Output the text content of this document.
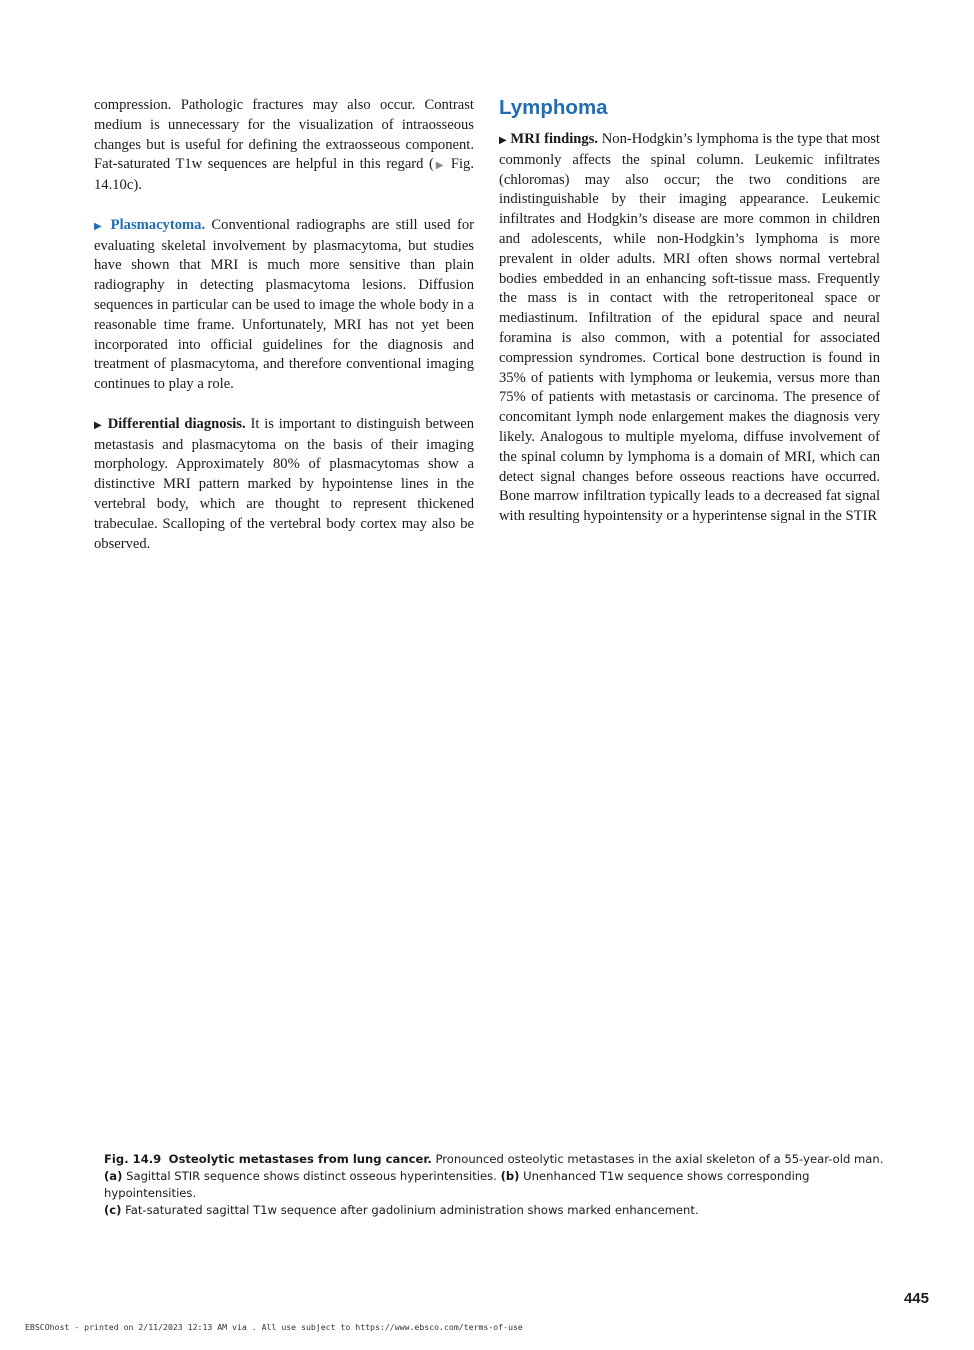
compression. Pathologic fractures may also occur. Contrast medium is unnecessary for the visualization of intraosseous changes but is useful for defining the extraosseous component. Fat-saturated T1w sequences are helpful in this regard (▶ Fig. 14.10c).

▶ Plasmacytoma. Conventional radiographs are still used for evaluating skeletal involvement by plasmacytoma, but studies have shown that MRI is much more sensitive than plain radiography in detecting plasmacytoma lesions. Diffusion sequences in particular can be used to image the whole body in a reasonable time frame. Unfortunately, MRI has not yet been incorporated into official guidelines for the diagnosis and treatment of plasmacytoma, and therefore conventional imaging continues to play a role.

▶ Differential diagnosis. It is important to distinguish between metastasis and plasmacytoma on the basis of their imaging morphology. Approximately 80% of plasmacytomas show a distinctive MRI pattern marked by hypointense lines in the vertebral body, which are thought to represent thickened trabeculae. Scalloping of the vertebral body cortex may also be observed.

Lymphoma

▶ MRI findings. Non-Hodgkin’s lymphoma is the type that most commonly affects the spinal column. Leukemic infiltrates (chloromas) may also occur; the two conditions are indistinguishable by their imaging appearance. Leukemic infiltrates and Hodgkin’s disease are more common in children and adolescents, while non-Hodgkin’s lymphoma is more prevalent in older adults. MRI often shows normal vertebral bodies embedded in an enhancing soft-tissue mass. Frequently the mass is in contact with the retroperitoneal space or mediastinum. Infiltration of the epidural space and neural foramina is also common, with a potential for associated compression syndromes. Cortical bone destruction is found in 35% of patients with lymphoma or leukemia, versus more than 75% of patients with metastasis or carcinoma. The presence of concomitant lymph node enlargement makes the diagnosis very likely. Analogous to multiple myeloma, diffuse involvement of the spinal column by lymphoma is a domain of MRI, which can detect signal changes before osseous reactions have occurred. Bone marrow infiltration typically leads to a decreased fat signal with resulting hypointensity or a hyperintense signal in the STIR

Fig. 14.9 Osteolytic metastases from lung cancer. Pronounced osteolytic metastases in the axial skeleton of a 55-year-old man.
(a) Sagittal STIR sequence shows distinct osseous hyperintensities. (b) Unenhanced T1w sequence shows corresponding hypointensities.
(c) Fat-saturated sagittal T1w sequence after gadolinium administration shows marked enhancement.
445
EBSCOhost - printed on 2/11/2023 12:13 AM via . All use subject to https://www.ebsco.com/terms-of-use
